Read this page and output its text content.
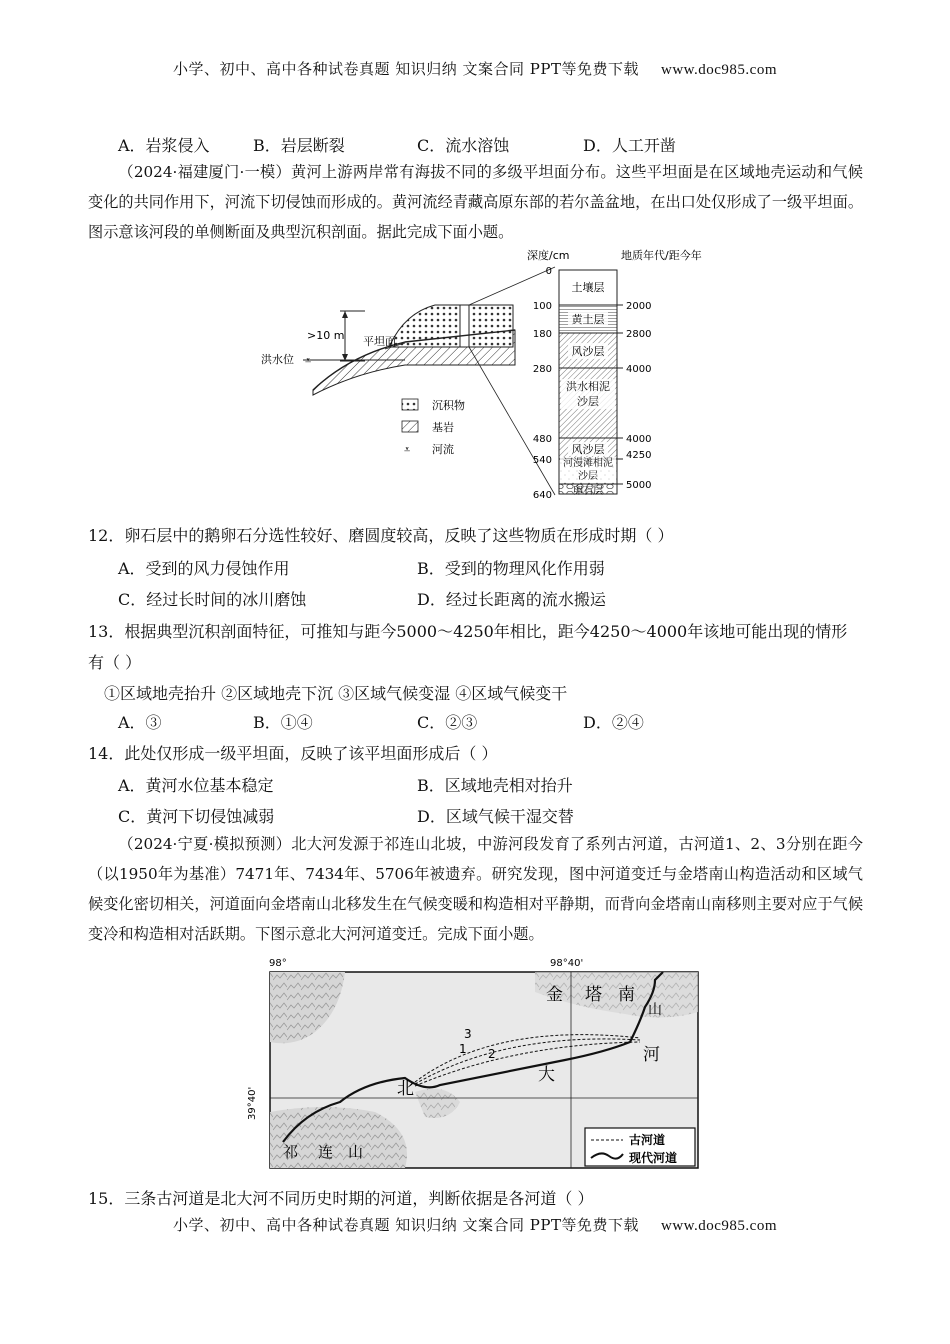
小学、初中、高中各种试卷真题 知识归纳 文案合同 PPT等免费下载 www.doc985.com
A．岩浆侵入	B．岩层断裂	C．流水溶蚀	D．人工开凿
（2024·福建厦门·一模）黄河上游两岸常有海拔不同的多级平坦面分布。这些平坦面是在区域地壳运动和气候变化的共同作用下，河流下切侵蚀而形成的。黄河流经青藏高原东部的若尔盖盆地，在出口处仅形成了一级平坦面。图示意该河段的单侧断面及典型沉积剖面。据此完成下面小题。
>10 m 平坦面
洪水位 ⩡
沉积物
基岩
⩡ 河流
深度/cm	地质年代/距今年
土壤层
黄土层
风沙层
洪水相泥沙层
风沙层
河漫滩相泥沙层
卵石层
0
100
180
280
480
540
640
2000
2800
4000
4000
4250
5000
12．卵石层中的鹅卵石分选性较好、磨圆度较高，反映了这些物质在形成时期（ ）
A．受到的风力侵蚀作用	B．受到的物理风化作用弱
C．经过长时间的冰川磨蚀	D．经过长距离的流水搬运
13．根据典型沉积剖面特征，可推知与距今5000～4250年相比，距今4250～4000年该地可能出现的情形
有（ ）
①区域地壳抬升 ②区域地壳下沉 ③区域气候变湿 ④区域气候变干
A．③	B．①④	C．②③	D．②④
14．此处仅形成一级平坦面，反映了该平坦面形成后（ ）
A．黄河水位基本稳定	B．区域地壳相对抬升
C．黄河下切侵蚀减弱	D．区域气候干湿交替
（2024·宁夏·模拟预测）北大河发源于祁连山北坡，中游河段发育了系列古河道，古河道1、2、3分别在距今（以1950年为基准）7471年、7434年、5706年被遗弃。研究发现，图中河道变迁与金塔南山构造活动和区域气候变化密切相关，河道面向金塔南山北移发生在气候变暖和构造相对平静期，而背向金塔南山南移则主要对应于气候变冷和构造相对活跃期。下图示意北大河河道变迁。完成下面小题。
98°	98°40'
39°40'
3
1 2
金 塔 南
山
河
大
北
祁 连 山
古河道
现代河道
15．三条古河道是北大河不同历史时期的河道，判断依据是各河道（ ）
小学、初中、高中各种试卷真题 知识归纳 文案合同 PPT等免费下载 www.doc985.com
